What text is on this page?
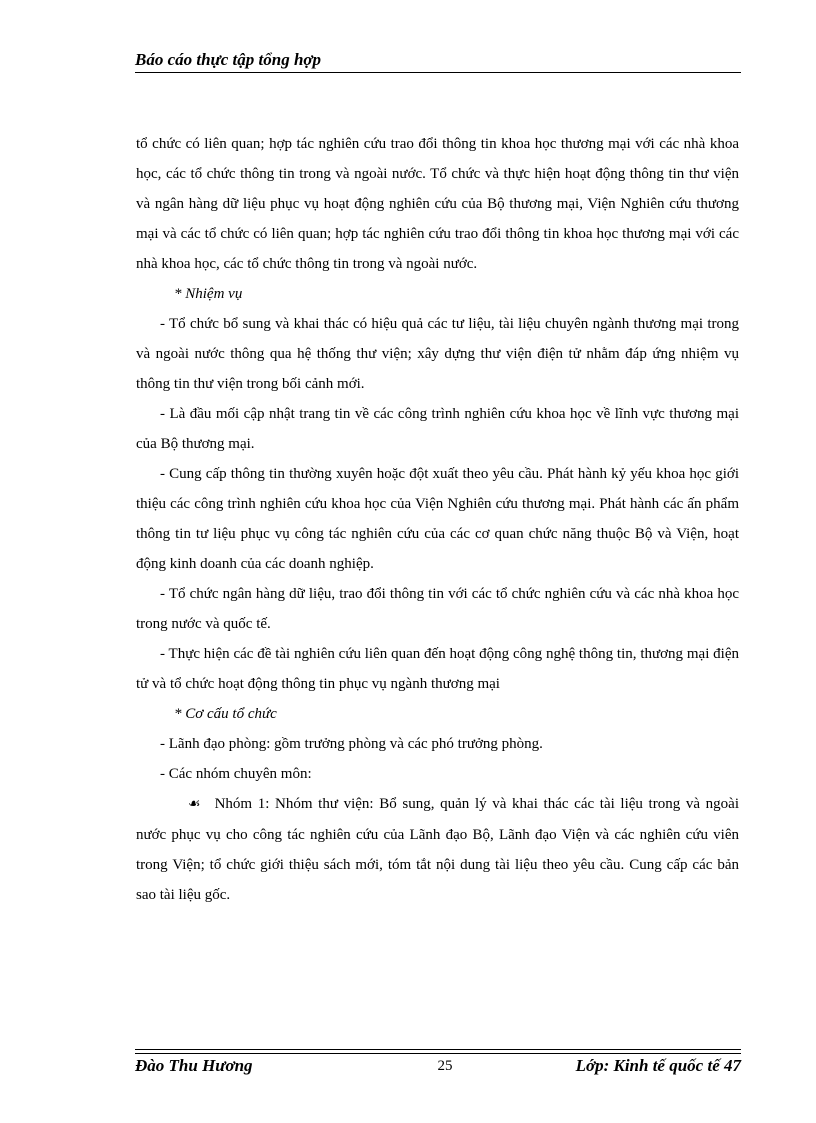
Báo cáo thực tập tổng hợp

tổ chức có liên quan; hợp tác nghiên cứu trao đổi thông tin khoa học thương mại với các nhà khoa học, các tổ chức thông tin trong và ngoài nước. Tổ chức và thực hiện hoạt động thông tin thư viện và ngân hàng dữ liệu phục vụ hoạt động nghiên cứu của Bộ thương mại, Viện Nghiên cứu thương mại và các tổ chức có liên quan; hợp tác nghiên cứu trao đổi thông tin khoa học thương mại với các nhà khoa học, các tổ chức thông tin trong và ngoài nước.

* Nhiệm vụ

- Tổ chức bổ sung và khai thác có hiệu quả các tư liệu, tài liệu chuyên ngành thương mại trong và ngoài nước thông qua hệ thống thư viện; xây dựng thư viện điện tử nhằm đáp ứng nhiệm vụ thông tin thư viện trong bối cảnh mới.

- Là đầu mối cập nhật trang tin về các công trình nghiên cứu khoa học về lĩnh vực thương mại của Bộ thương mại.

- Cung cấp thông tin thường xuyên hoặc đột xuất theo yêu cầu. Phát hành kỷ yếu khoa học giới thiệu các công trình nghiên cứu khoa học của Viện Nghiên cứu thương mại. Phát hành các ấn phẩm thông tin tư liệu phục vụ công tác nghiên cứu của các cơ quan chức năng thuộc Bộ và Viện, hoạt động kinh doanh của các doanh nghiệp.

- Tổ chức ngân hàng dữ liệu, trao đổi thông tin với các tổ chức nghiên cứu và các nhà khoa học trong nước và quốc tế.

- Thực hiện các đề tài nghiên cứu liên quan đến hoạt động công nghệ thông tin, thương mại điện tử và tổ chức hoạt động thông tin phục vụ ngành thương mại

* Cơ cấu tổ chức

- Lãnh đạo phòng: gồm trưởng phòng và các phó trưởng phòng.

- Các nhóm chuyên môn:

☙ Nhóm 1: Nhóm thư viện: Bổ sung, quản lý và khai thác các tài liệu trong và ngoài nước phục vụ cho công tác nghiên cứu của Lãnh đạo Bộ, Lãnh đạo Viện và các nghiên cứu viên trong Viện; tổ chức giới thiệu sách mới, tóm tắt nội dung tài liệu theo yêu cầu. Cung cấp các bản sao tài liệu gốc.

Đào Thu Hương	25	Lớp: Kinh tế quốc tế 47
